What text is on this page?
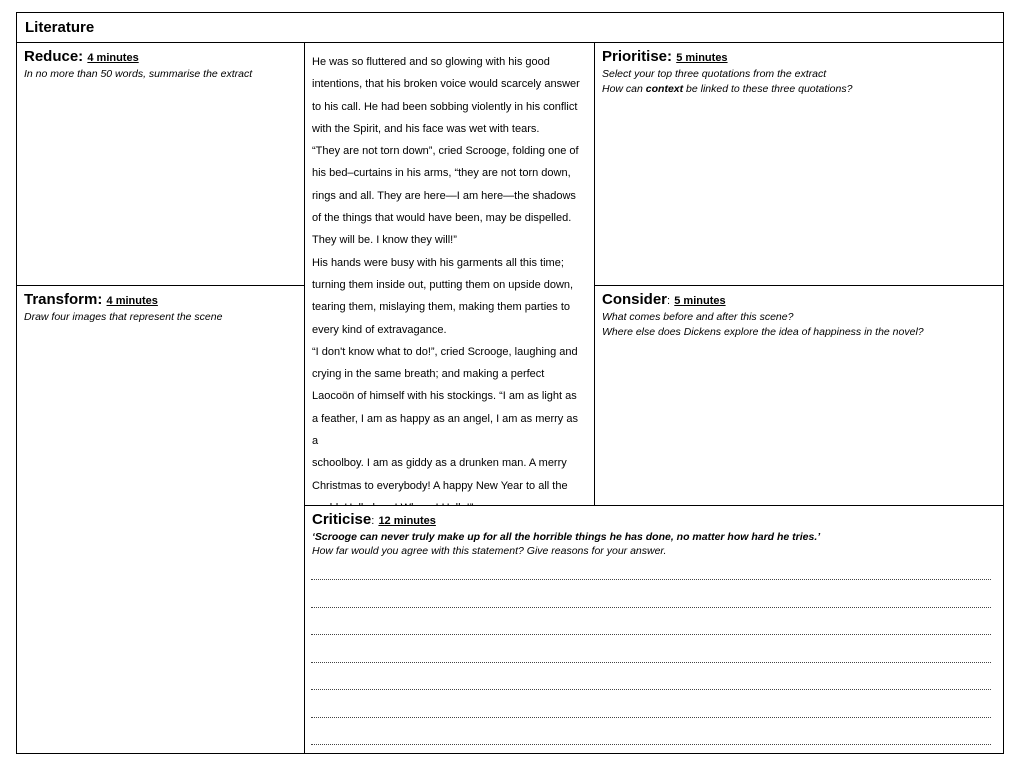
Literature
Reduce: 4 minutes
In no more than 50 words, summarise the extract
Transform: 4 minutes
Draw four images that represent the scene

He was so fluttered and so glowing with his good

intentions, that his broken voice would scarcely answer

to his call. He had been sobbing violently in his conflict

with the Spirit, and his face was wet with tears.

“They are not torn down”, cried Scrooge, folding one of

his bed–curtains in his arms, “they are not torn down,

rings and all. They are here—I am here—the shadows

of the things that would have been, may be dispelled.

They will be. I know they will!”

His hands were busy with his garments all this time;

turning them inside out, putting them on upside down,

tearing them, mislaying them, making them parties to

every kind of extravagance.

“I don't know what to do!”, cried Scrooge, laughing and

crying in the same breath; and making a perfect

Laocoön of himself with his stockings. “I am as light as

a feather, I am as happy as an angel, I am as merry as a

schoolboy. I am as giddy as a drunken man. A merry

Christmas to everybody! A happy New Year to all the

Prioritise: 5 minutes
Select your top three quotations from the extract
How can context be linked to these three quotations?
Consider: 5 minutes
What comes before and after this scene?
Where else does Dickens explore the idea of happiness in the novel?
Criticise: 12 minutes
‘Scrooge can never truly make up for all the horrible things he has done, no matter how hard he tries.’
How far would you agree with this statement? Give reasons for your answer.
